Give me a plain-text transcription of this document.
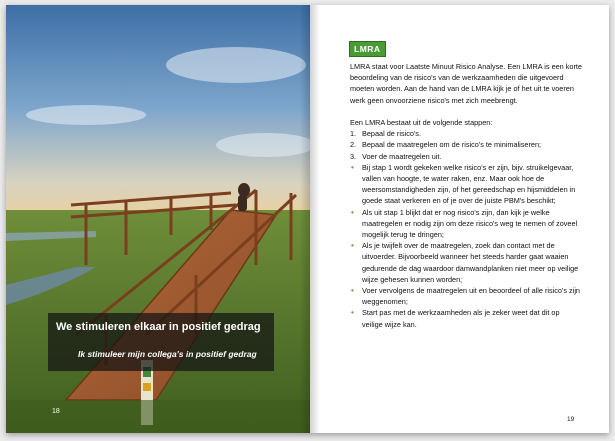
We stimuleren elkaar in positief gedrag
Ik stimuleer mijn collega's in positief gedrag
18
LMRA

LMRA staat voor Laatste Minuut Risico Analyse. Een LMRA is een korte beoordeling van de risico's van de werkzaamheden die uitgevoerd moeten worden. Aan de hand van de LMRA kijk je of het uit te voeren werk geen onvoorziene risico's met zich meebrengt.

Een LMRA bestaat uit de volgende stappen:

1. Bepaal de risico's.
2. Bepaal de maatregelen om de risico's te minimaliseren;
3. Voer de maatregelen uit.
• Bij stap 1 wordt gekeken welke risico's er zijn, bijv. struikelgevaar, vallen van hoogte, te water raken, enz. Maar ook hoe de weersomstandigheden zijn, of het gereedschap en hijsmiddelen in goede staat verkeren en of je over de juiste PBM's beschikt;
• Als uit stap 1 blijkt dat er nog risico's zijn, dan kijk je welke maatregelen er nodig zijn om deze risico's weg te nemen of zoveel mogelijk terug te dringen;
• Als je twijfelt over de maatregelen, zoek dan contact met de uitvoerder. Bijvoorbeeld wanneer het steeds harder gaat waaien gedurende de dag waardoor damwandplanken niet meer op veilige wijze gehesen kunnen worden;
• Voer vervolgens de maatregelen uit en beoordeel of alle risico's zijn weggenomen;
• Start pas met de werkzaamheden als je zeker weet dat dit op veilige wijze kan.
19
